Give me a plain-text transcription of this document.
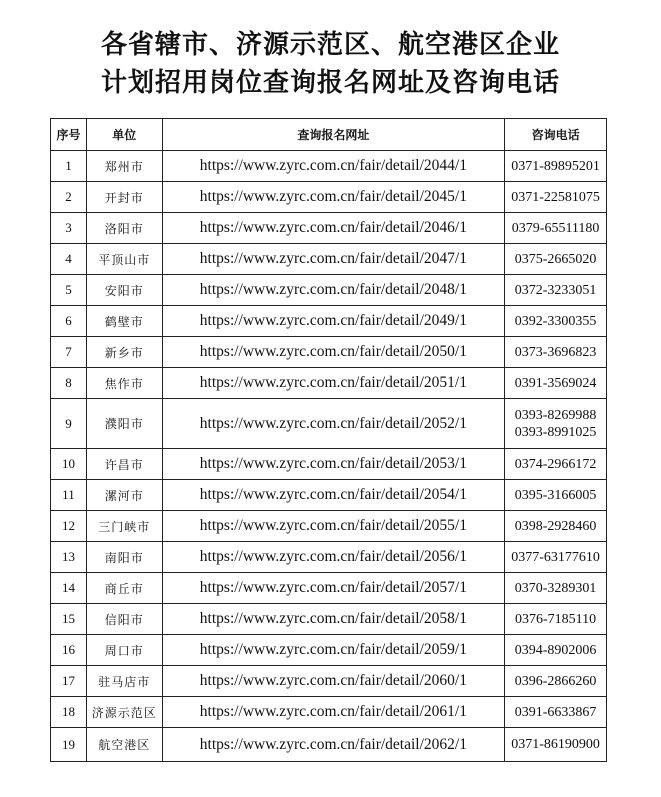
各省辖市、济源示范区、航空港区企业
计划招用岗位查询报名网址及咨询电话
序号	单位	查询报名网址	咨询电话
1	郑州市	https://www.zyrc.com.cn/fair/detail/2044/1	0371-89895201
2	开封市	https://www.zyrc.com.cn/fair/detail/2045/1	0371-22581075
3	洛阳市	https://www.zyrc.com.cn/fair/detail/2046/1	0379-65511180
4	平顶山市	https://www.zyrc.com.cn/fair/detail/2047/1	0375-2665020
5	安阳市	https://www.zyrc.com.cn/fair/detail/2048/1	0372-3233051
6	鹤壁市	https://www.zyrc.com.cn/fair/detail/2049/1	0392-3300355
7	新乡市	https://www.zyrc.com.cn/fair/detail/2050/1	0373-3696823
8	焦作市	https://www.zyrc.com.cn/fair/detail/2051/1	0391-3569024
9	濮阳市	https://www.zyrc.com.cn/fair/detail/2052/1	0393-8269988
0393-8991025
10	许昌市	https://www.zyrc.com.cn/fair/detail/2053/1	0374-2966172
11	漯河市	https://www.zyrc.com.cn/fair/detail/2054/1	0395-3166005
12	三门峡市	https://www.zyrc.com.cn/fair/detail/2055/1	0398-2928460
13	南阳市	https://www.zyrc.com.cn/fair/detail/2056/1	0377-63177610
14	商丘市	https://www.zyrc.com.cn/fair/detail/2057/1	0370-3289301
15	信阳市	https://www.zyrc.com.cn/fair/detail/2058/1	0376-7185110
16	周口市	https://www.zyrc.com.cn/fair/detail/2059/1	0394-8902006
17	驻马店市	https://www.zyrc.com.cn/fair/detail/2060/1	0396-2866260
18	济源示范区	https://www.zyrc.com.cn/fair/detail/2061/1	0391-6633867
19	航空港区	https://www.zyrc.com.cn/fair/detail/2062/1	0371-86190900
